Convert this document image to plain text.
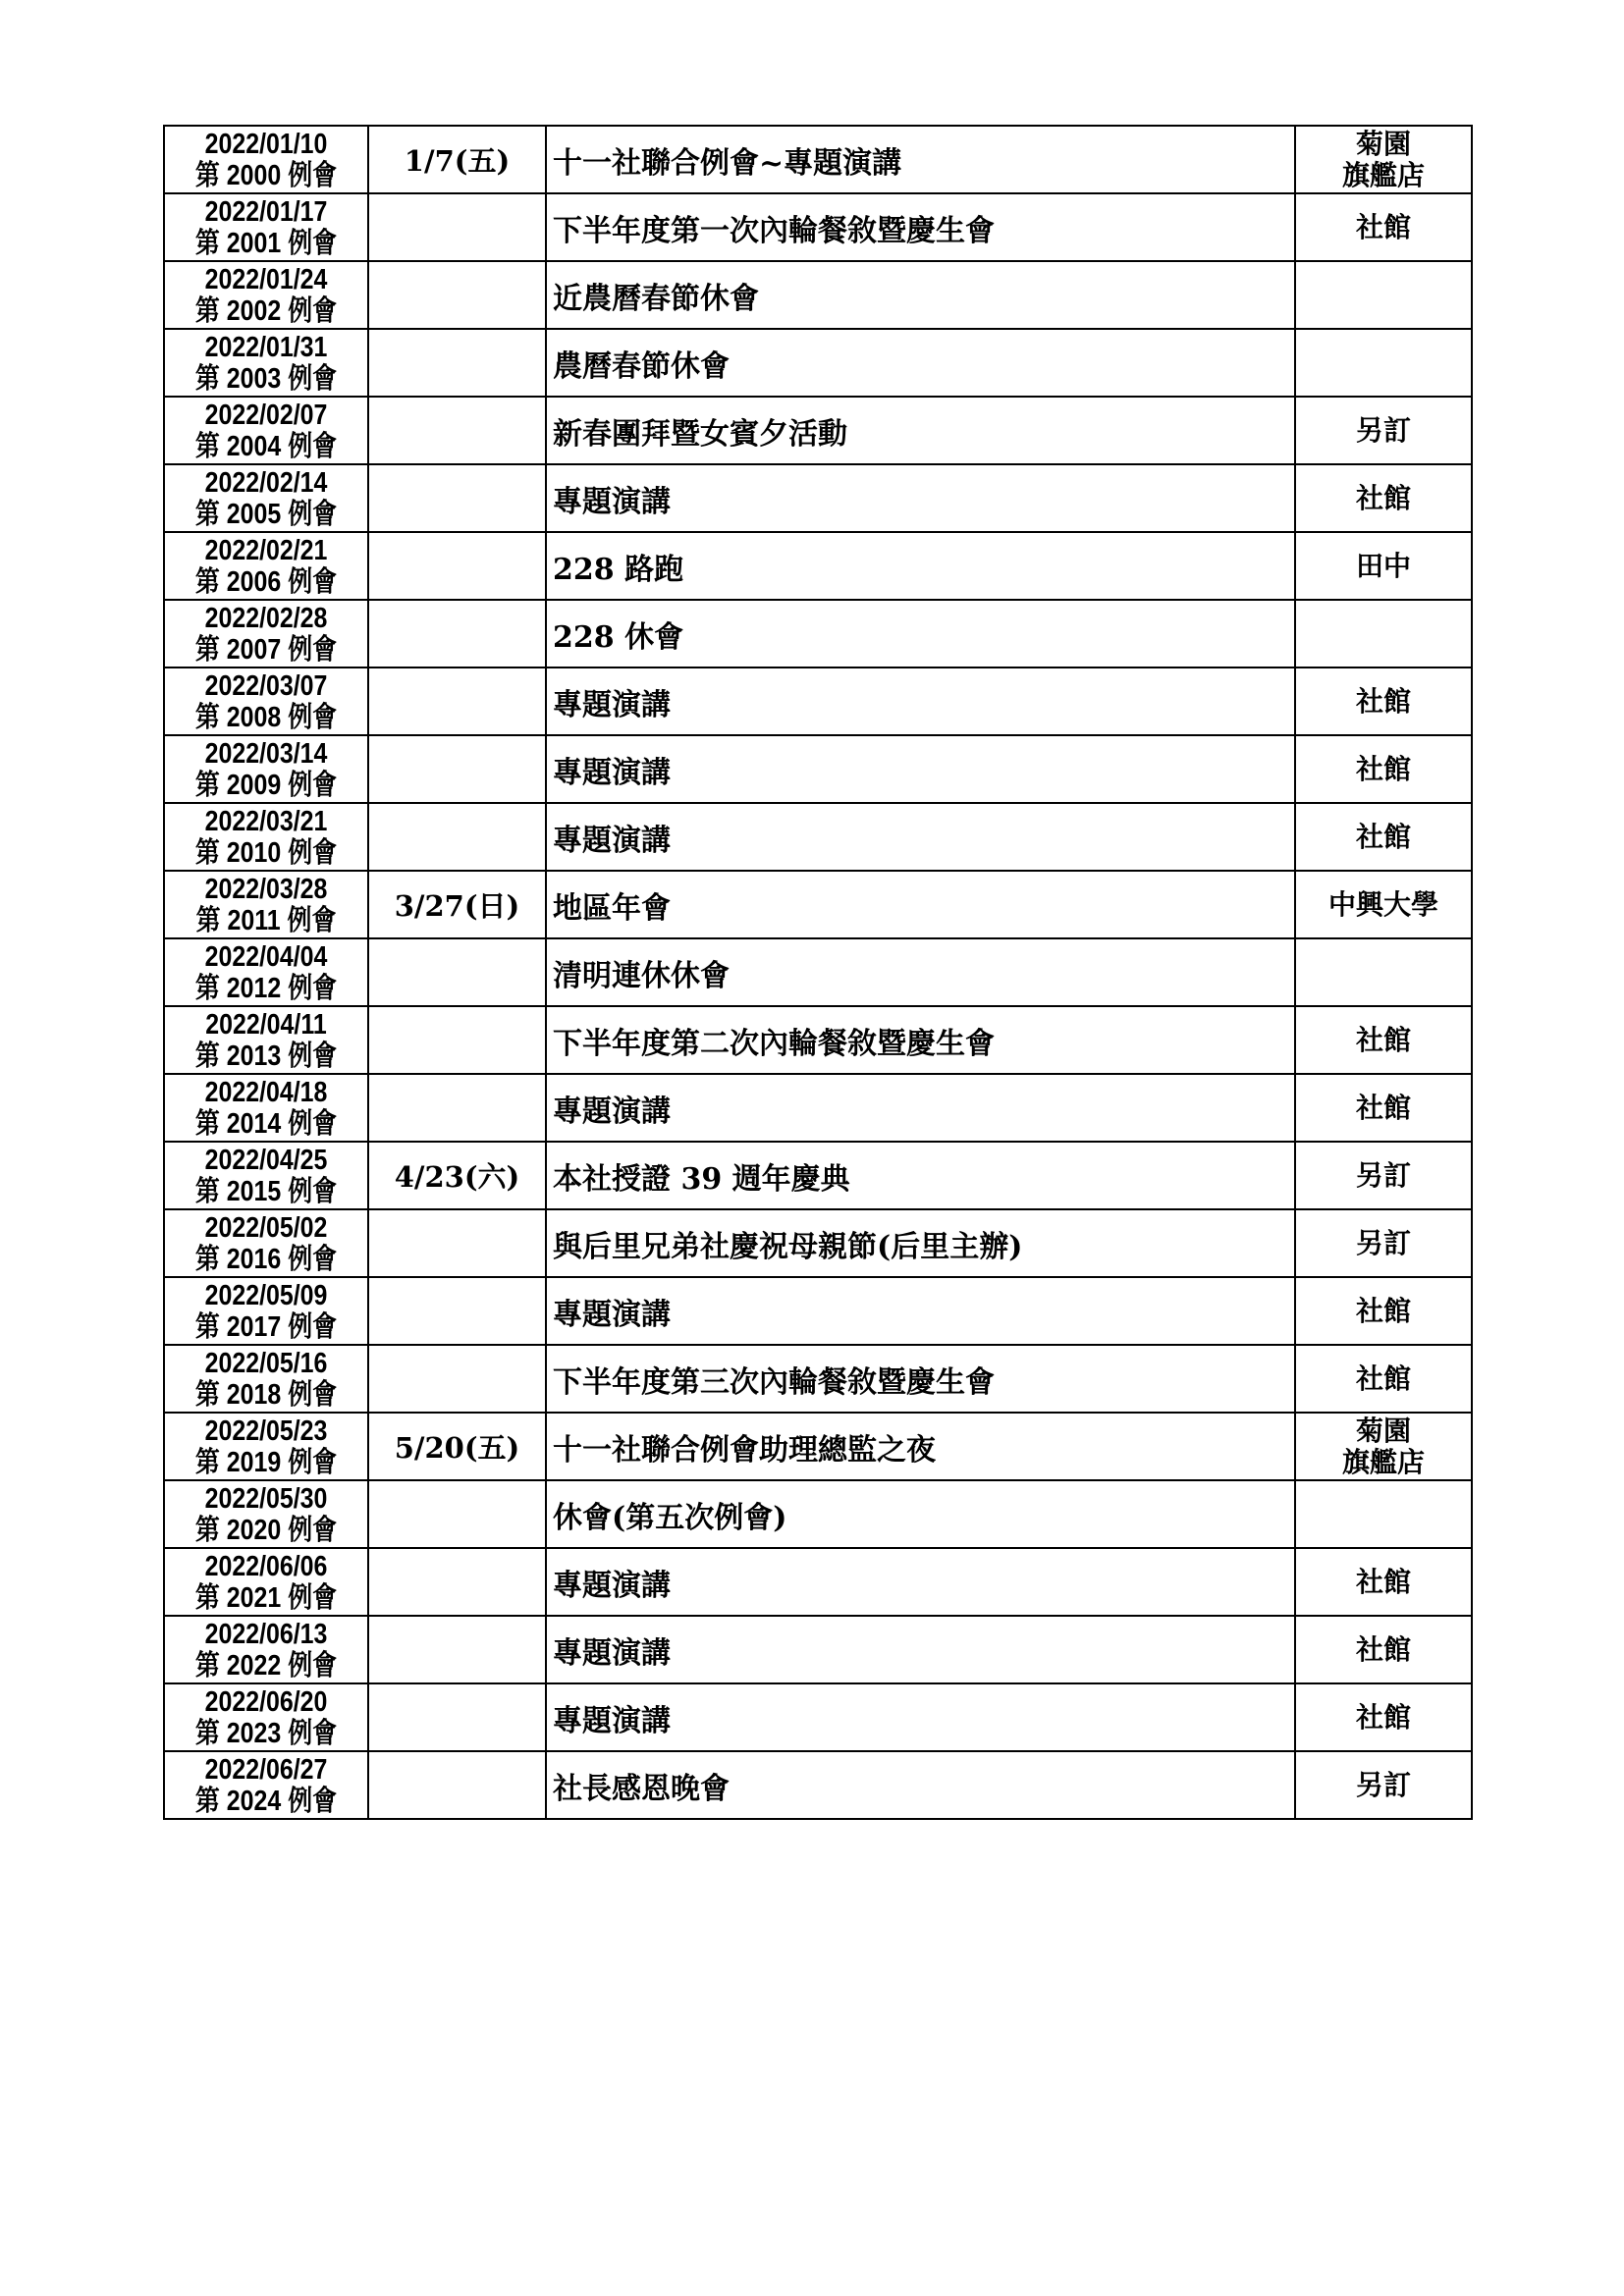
2022/01/10
第 2000 例會	1/7(五)	十一社聯合例會~專題演講	菊園
旗艦店

2022/01/17
第 2001 例會		下半年度第一次內輪餐敘暨慶生會	社館

2022/01/24
第 2002 例會		近農曆春節休會	

2022/01/31
第 2003 例會		農曆春節休會	

2022/02/07
第 2004 例會		新春團拜暨女賓夕活動	另訂

2022/02/14
第 2005 例會		專題演講	社館

2022/02/21
第 2006 例會		228 路跑	田中

2022/02/28
第 2007 例會		228 休會	

2022/03/07
第 2008 例會		專題演講	社館

2022/03/14
第 2009 例會		專題演講	社館

2022/03/21
第 2010 例會		專題演講	社館

2022/03/28
第 2011 例會	3/27(日)	地區年會	中興大學

2022/04/04
第 2012 例會		清明連休休會	

2022/04/11
第 2013 例會		下半年度第二次內輪餐敘暨慶生會	社館

2022/04/18
第 2014 例會		專題演講	社館

2022/04/25
第 2015 例會	4/23(六)	本社授證 39 週年慶典	另訂

2022/05/02
第 2016 例會		與后里兄弟社慶祝母親節(后里主辦)	另訂

2022/05/09
第 2017 例會		專題演講	社館

2022/05/16
第 2018 例會		下半年度第三次內輪餐敘暨慶生會	社館

2022/05/23
第 2019 例會	5/20(五)	十一社聯合例會助理總監之夜	菊園
旗艦店

2022/05/30
第 2020 例會		休會(第五次例會)	

2022/06/06
第 2021 例會		專題演講	社館

2022/06/13
第 2022 例會		專題演講	社館

2022/06/20
第 2023 例會		專題演講	社館

2022/06/27
第 2024 例會		社長感恩晚會	另訂
